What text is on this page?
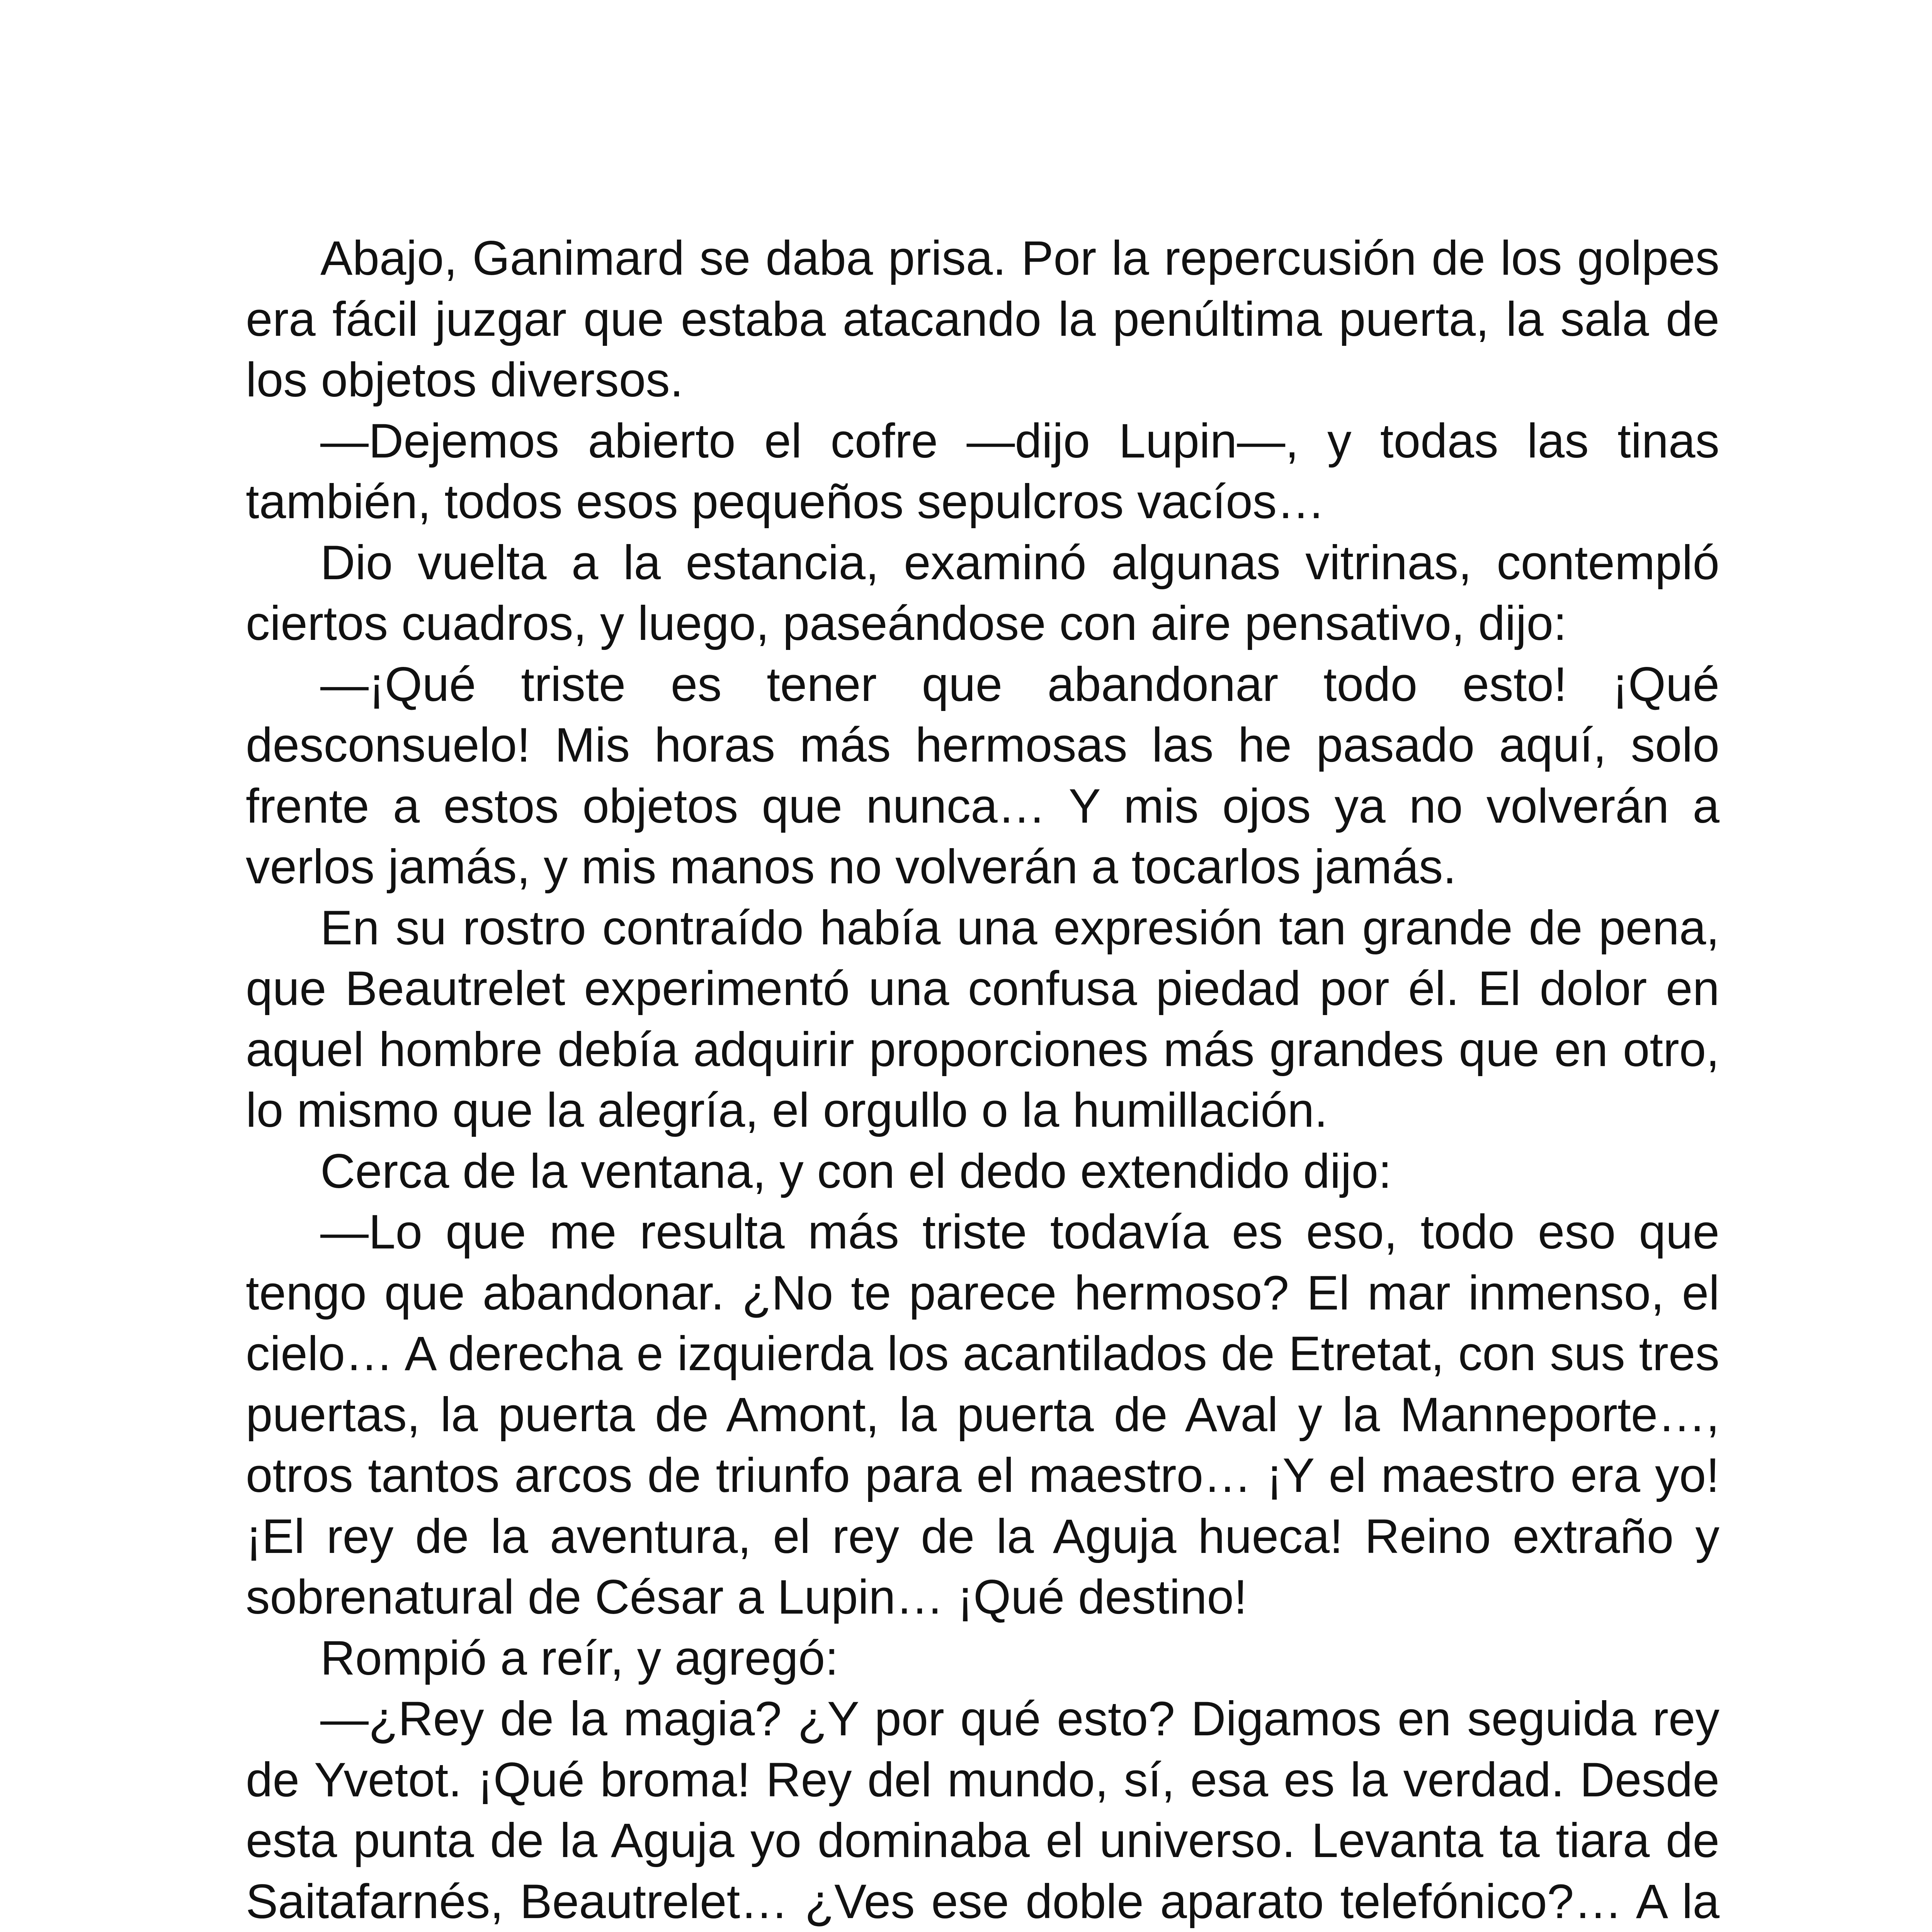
Abajo, Ganimard se daba prisa. Por la repercusión de los golpes era fácil juzgar que estaba atacando la penúltima puerta, la sala de los objetos diversos.

—Dejemos abierto el cofre —dijo Lupin—, y todas las tinas también, todos esos pequeños sepulcros vacíos…

Dio vuelta a la estancia, examinó algunas vitrinas, contempló ciertos cuadros, y luego, paseándose con aire pensativo, dijo:

—¡Qué triste es tener que abandonar todo esto! ¡Qué desconsuelo! Mis horas más hermosas las he pasado aquí, solo frente a estos objetos que nunca… Y mis ojos ya no volverán a verlos jamás, y mis manos no volverán a tocarlos jamás.

En su rostro contraído había una expresión tan grande de pena, que Beautrelet experimentó una confusa piedad por él. El dolor en aquel hombre debía adquirir proporciones más grandes que en otro, lo mismo que la alegría, el orgullo o la humillación.

Cerca de la ventana, y con el dedo extendido dijo:

—Lo que me resulta más triste todavía es eso, todo eso que tengo que abandonar. ¿No te parece hermoso? El mar inmenso, el cielo… A derecha e izquierda los acantilados de Etretat, con sus tres puertas, la puerta de Amont, la puerta de Aval y la Manneporte…, otros tantos arcos de triunfo para el maestro… ¡Y el maestro era yo! ¡El rey de la aventura, el rey de la Aguja hueca! Reino extraño y sobrenatural de César a Lupin… ¡Qué destino!

Rompió a reír, y agregó:

—¿Rey de la magia? ¿Y por qué esto? Digamos en seguida rey de Yvetot. ¡Qué broma! Rey del mundo, sí, esa es la verdad. Desde esta punta de la Aguja yo dominaba el universo. Levanta ta tiara de Saitafarnés, Beautrelet… ¿Ves ese doble aparato telefónico?… A la
